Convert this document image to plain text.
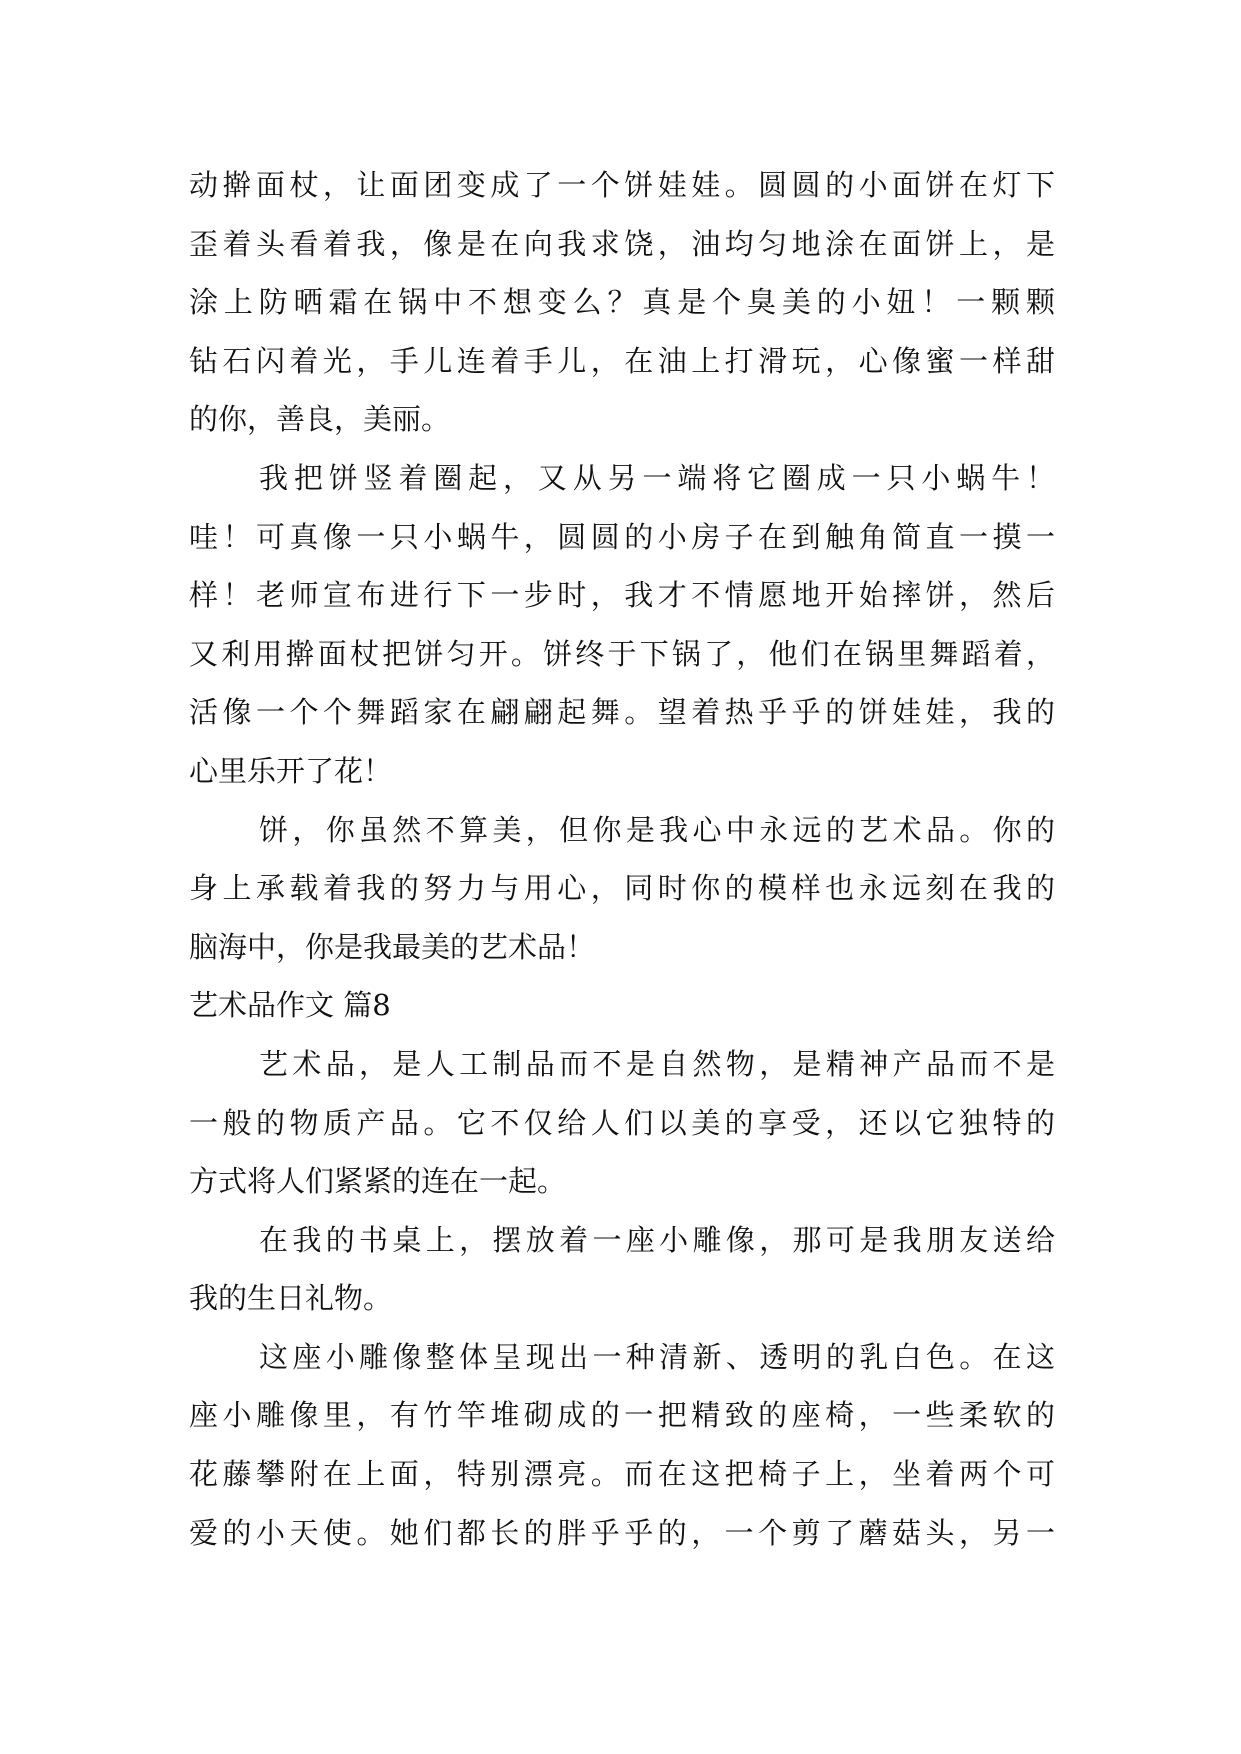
动擀面杖，让面团变成了一个饼娃娃。圆圆的小面饼在灯下
歪着头看着我，像是在向我求饶，油均匀地涂在面饼上，是
涂上防晒霜在锅中不想变么？真是个臭美的小妞！一颗颗
钻石闪着光，手儿连着手儿，在油上打滑玩，心像蜜一样甜
的你，善良，美丽。
我把饼竖着圈起，又从另一端将它圈成一只小蜗牛！
哇！可真像一只小蜗牛，圆圆的小房子在到触角简直一摸一
样！老师宣布进行下一步时，我才不情愿地开始摔饼，然后
又利用擀面杖把饼匀开。饼终于下锅了，他们在锅里舞蹈着，
活像一个个舞蹈家在翩翩起舞。望着热乎乎的饼娃娃，我的
心里乐开了花！
饼，你虽然不算美，但你是我心中永远的艺术品。你的
身上承载着我的努力与用心，同时你的模样也永远刻在我的
脑海中，你是我最美的艺术品！
艺术品作文 篇8
艺术品，是人工制品而不是自然物，是精神产品而不是
一般的物质产品。它不仅给人们以美的享受，还以它独特的
方式将人们紧紧的连在一起。
在我的书桌上，摆放着一座小雕像，那可是我朋友送给
我的生日礼物。
这座小雕像整体呈现出一种清新、透明的乳白色。在这
座小雕像里，有竹竿堆砌成的一把精致的座椅，一些柔软的
花藤攀附在上面，特别漂亮。而在这把椅子上，坐着两个可
爱的小天使。她们都长的胖乎乎的，一个剪了蘑菇头，另一
